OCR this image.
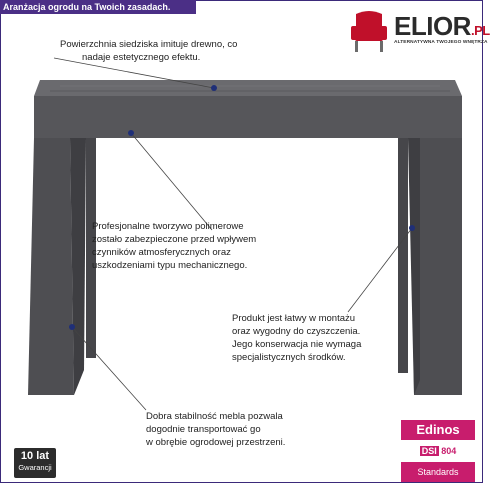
Aranżacja ogrodu na Twoich zasadach.
ELIOR.PL
ALTERNATYWNA TWOJEGO WNĘTRZA
Powierzchnia siedziska imituje drewno, co
nadaje estetycznego efektu.
Profesjonalne tworzywo polimerowe
zostało zabezpieczone przed wpływem
czynników atmosferycznych oraz
uszkodzeniami typu mechanicznego.
Produkt jest łatwy w montażu
oraz wygodny do czyszczenia.
Jego konserwacja nie wymaga
specjalistycznych środków.
Dobra stabilność mebla pozwala
dogodnie transportować go
w obrębie ogrodowej przestrzeni.
10 lat
Gwarancji
Edinos
DSI 804
Standards
